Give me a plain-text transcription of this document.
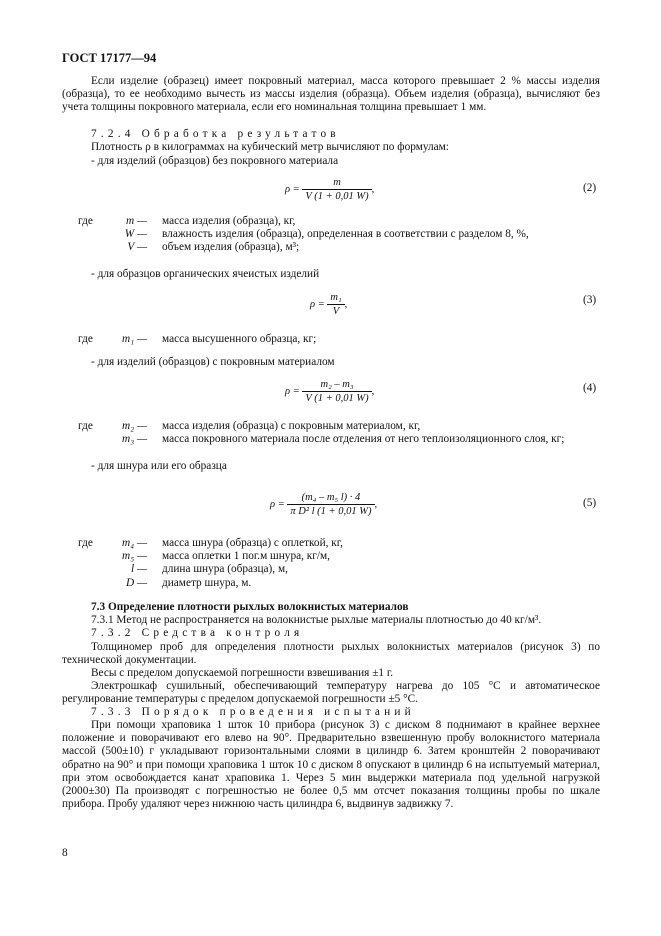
ГОСТ 17177—94
Если изделие (образец) имеет покровный материал, масса которого превышает 2 % массы изделия (образца), то ее необходимо вычесть из массы изделия (образца). Объем изделия (образца), вычисляют без учета толщины покровного материала, если его номинальная толщина превышает 1 мм.
7.2.4 Обработка результатов
Плотность ρ в килограммах на кубический метр вычисляют по формулам:
- для изделий (образцов) без покровного материала
$\rho = \frac{m}{V (1 + 0,01 W)}$ ,	(2)
где	m — масса изделия (образца), кг,
W — влажность изделия (образца), определенная в соответствии с разделом 8, %,
V — объем изделия (образца), м³;
- для образцов органических ячеистых изделий
$\rho = \frac{\text{m₁}}{V}$ ,	(3)
где	m₁ — масса высушенного образца, кг;
- для изделий (образцов) с покровным материалом
$\rho = \frac{\text{m₂ – m₃}}{V (1 + 0,01 W)}$ ,	(4)
где	m₂ — масса изделия (образца) с покровным материалом, кг,
m₃ — масса покровного материала после отделения от него теплоизоляционного слоя, кг;
- для шнура или его образца
$\rho = \frac{\text{(m₄ – m₅ l) · 4}}{\text{π D² l (1 + 0,01 W)}}$ ,	(5)
где	m₄ — масса шнура (образца) с оплеткой, кг,
m₅ — масса оплетки 1 пог.м шнура, кг/м,
l — длина шнура (образца), м,
D — диаметр шнура, м.
7.3 Определение плотности рыхлых волокнистых материалов
7.3.1 Метод не распространяется на волокнистые рыхлые материалы плотностью до 40 кг/м³.
7.3.2 Средства контроля
Толщиномер проб для определения плотности рыхлых волокнистых материалов (рисунок 3) по технической документации.
Весы с пределом допускаемой погрешности взвешивания ±1 г.
Электрошкаф сушильный, обеспечивающий температуру нагрева до 105 °С и автоматическое регулирование температуры с пределом допускаемой погрешности ±5 °С.
7.3.3 Порядок проведения испытаний
При помощи храповика 1 шток 10 прибора (рисунок 3) с диском 8 поднимают в крайнее верхнее положение и поворачивают его влево на 90°. Предварительно взвешенную пробу волокнистого материала массой (500±10) г укладывают горизонтальными слоями в цилиндр 6. Затем кронштейн 2 поворачивают обратно на 90° и при помощи храповика 1 шток 10 с диском 8 опускают в цилиндр 6 на испытуемый материал, при этом освобождается канат храповика 1. Через 5 мин выдержки материала под удельной нагрузкой (2000±30) Па производят с погрешностью не более 0,5 мм отсчет показания толщины пробы по шкале прибора. Пробу удаляют через нижнюю часть цилиндра 6, выдвинув задвижку 7.
8
